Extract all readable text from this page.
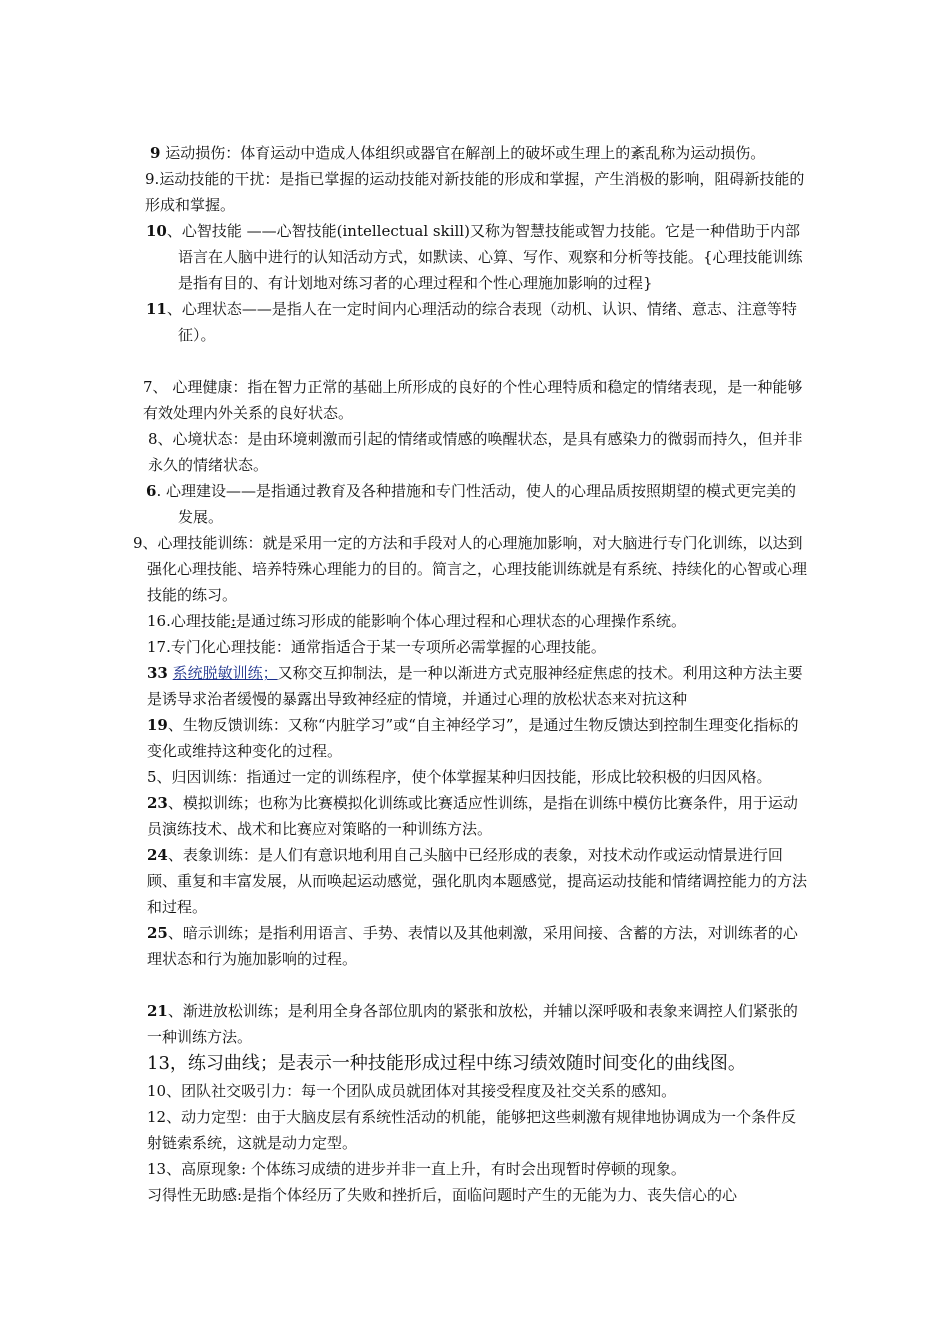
9 运动损伤：体育运动中造成人体组织或器官在解剖上的破坏或生理上的紊乱称为运动损伤。

9.运动技能的干扰：是指已掌握的运动技能对新技能的形成和掌握，产生消极的影响，阻碍新技能的形成和掌握。

10、心智技能 ——心智技能(intellectual skill)又称为智慧技能或智力技能。它是一种借助于内部语言在人脑中进行的认知活动方式，如默读、心算、写作、观察和分析等技能。{心理技能训练是指有目的、有计划地对练习者的心理过程和个性心理施加影响的过程}

11、心理状态——是指人在一定时间内心理活动的综合表现（动机、认识、情绪、意志、注意等特征）。

7、 心理健康：指在智力正常的基础上所形成的良好的个性心理特质和稳定的情绪表现，是一种能够有效处理内外关系的良好状态。

8、心境状态：是由环境刺激而引起的情绪或情感的唤醒状态，是具有感染力的微弱而持久，但并非永久的情绪状态。

6. 心理建设——是指通过教育及各种措施和专门性活动，使人的心理品质按照期望的模式更完美的发展。

9、心理技能训练：就是采用一定的方法和手段对人的心理施加影响，对大脑进行专门化训练，以达到强化心理技能、培养特殊心理能力的目的。简言之，心理技能训练就是有系统、持续化的心智或心理技能的练习。

16.心理技能:是通过练习形成的能影响个体心理过程和心理状态的心理操作系统。

17.专门化心理技能：通常指适合于某一专项所必需掌握的心理技能。

33 系统脱敏训练；又称交互抑制法，是一种以渐进方式克服神经症焦虑的技术。利用这种方法主要是诱导求治者缓慢的暴露出导致神经症的情境，并通过心理的放松状态来对抗这种

19、生物反馈训练：又称“内脏学习”或“自主神经学习”，是通过生物反馈达到控制生理变化指标的变化或维持这种变化的过程。

5、归因训练：指通过一定的训练程序，使个体掌握某种归因技能，形成比较积极的归因风格。

23、模拟训练；也称为比赛模拟化训练或比赛适应性训练，是指在训练中模仿比赛条件，用于运动员演练技术、战术和比赛应对策略的一种训练方法。

24、表象训练：是人们有意识地利用自己头脑中已经形成的表象，对技术动作或运动情景进行回顾、重复和丰富发展，从而唤起运动感觉，强化肌肉本题感觉，提高运动技能和情绪调控能力的方法和过程。

25、暗示训练；是指利用语言、手势、表情以及其他刺激，采用间接、含蓄的方法，对训练者的心理状态和行为施加影响的过程。

21、渐进放松训练；是利用全身各部位肌肉的紧张和放松，并辅以深呼吸和表象来调控人们紧张的一种训练方法。

13，练习曲线；是表示一种技能形成过程中练习绩效随时间变化的曲线图。

10、团队社交吸引力：每一个团队成员就团体对其接受程度及社交关系的感知。

12、动力定型：由于大脑皮层有系统性活动的机能，能够把这些刺激有规律地协调成为一个条件反射链索系统，这就是动力定型。

13、高原现象: 个体练习成绩的进步并非一直上升，有时会出现暂时停顿的现象。

习得性无助感:是指个体经历了失败和挫折后，面临问题时产生的无能为力、丧失信心的心
